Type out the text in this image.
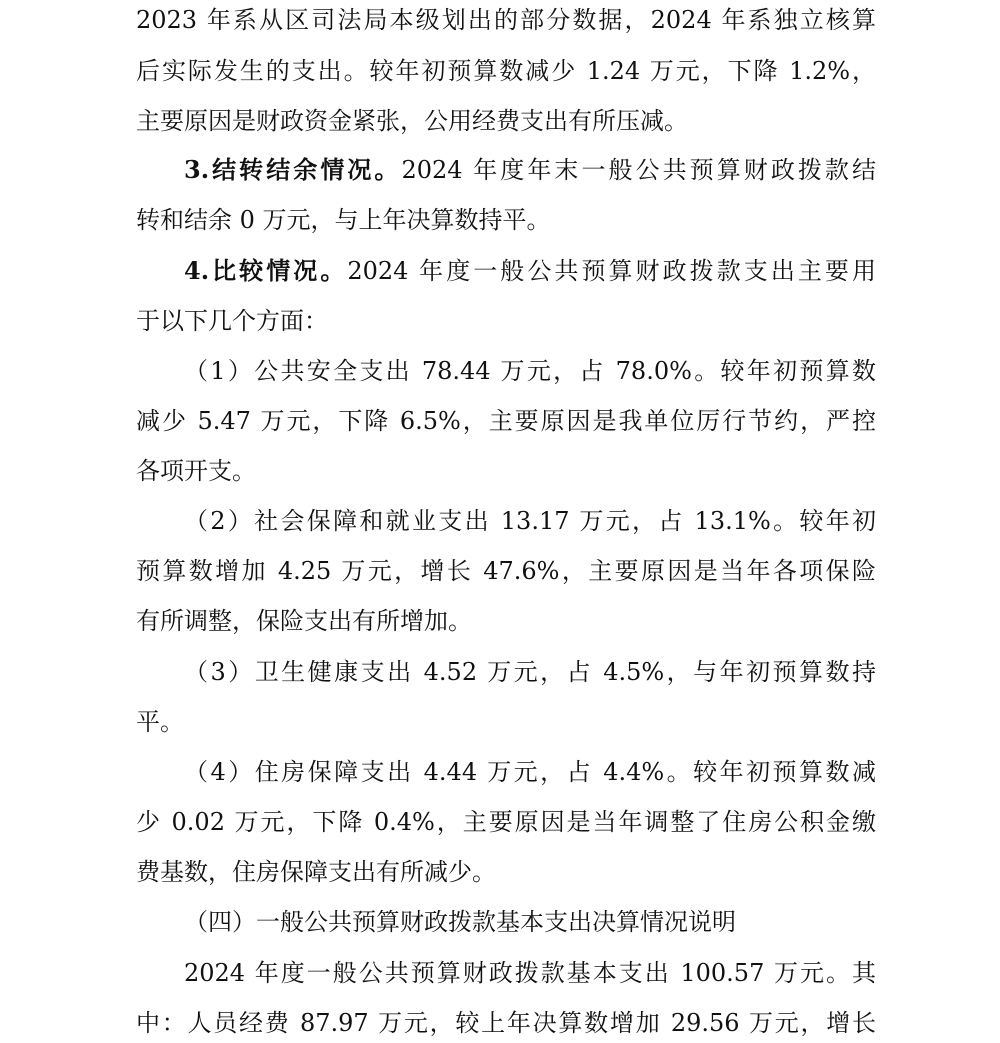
2023 年系从区司法局本级划出的部分数据，2024 年系独立核算
后实际发生的支出。较年初预算数减少 1.24 万元，下降 1.2%，
主要原因是财政资金紧张，公用经费支出有所压减。
3.结转结余情况。2024 年度年末一般公共预算财政拨款结
转和结余 0 万元，与上年决算数持平。
4.比较情况。2024 年度一般公共预算财政拨款支出主要用
于以下几个方面：
（1）公共安全支出 78.44 万元，占 78.0%。较年初预算数
减少 5.47 万元，下降 6.5%，主要原因是我单位厉行节约，严控
各项开支。
（2）社会保障和就业支出 13.17 万元，占 13.1%。较年初
预算数增加 4.25 万元，增长 47.6%，主要原因是当年各项保险
有所调整，保险支出有所增加。
（3）卫生健康支出 4.52 万元，占 4.5%，与年初预算数持
平。
（4）住房保障支出 4.44 万元，占 4.4%。较年初预算数减
少 0.02 万元，下降 0.4%，主要原因是当年调整了住房公积金缴
费基数，住房保障支出有所减少。
（四）一般公共预算财政拨款基本支出决算情况说明
2024 年度一般公共预算财政拨款基本支出 100.57 万元。其
中：人员经费 87.97 万元，较上年决算数增加 29.56 万元，增长
